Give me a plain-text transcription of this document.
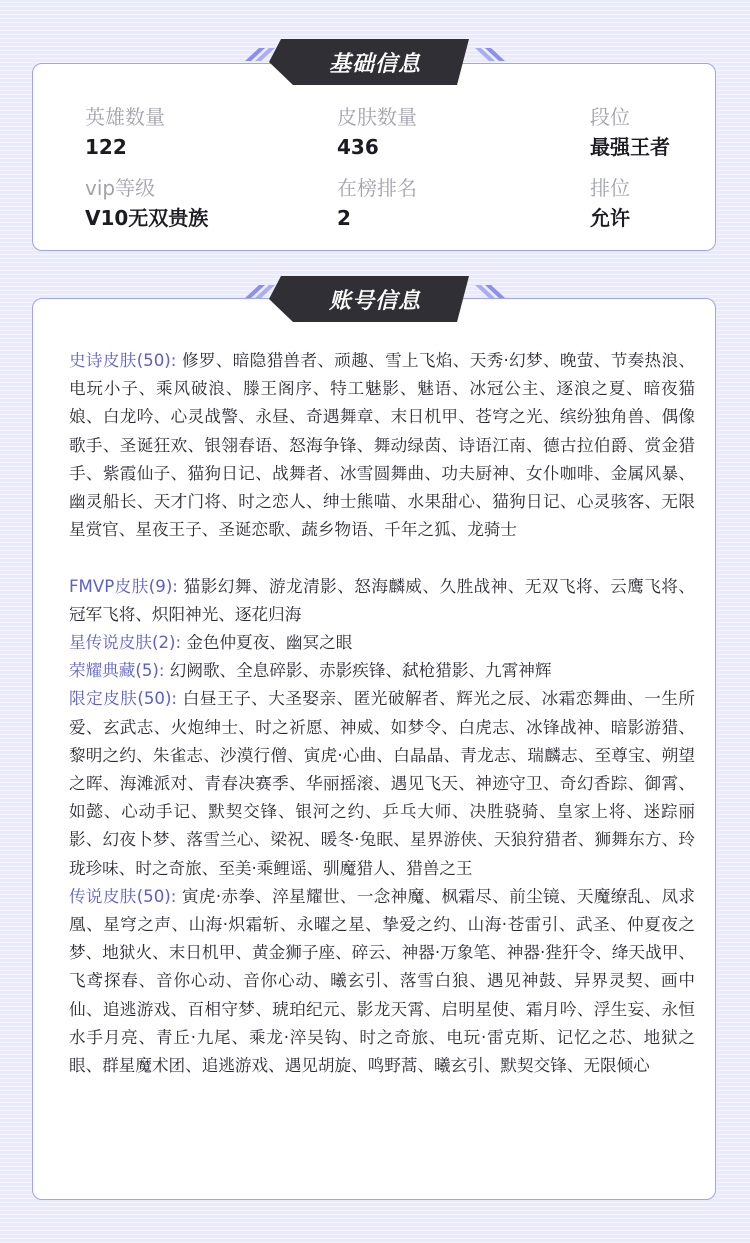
英雄数量
122
皮肤数量
436
段位
最强王者
vip等级
V10无双贵族
在榜排名
2
排位
允许
基础信息

史诗皮肤(50): 修罗、暗隐猎兽者、顽趣、雪上飞焰、天秀·幻梦、晚萤、节奏热浪、电玩小子、乘风破浪、滕王阁序、特工魅影、魅语、冰冠公主、逐浪之夏、暗夜猫娘、白龙吟、心灵战警、永昼、奇遇舞章、末日机甲、苍穹之光、缤纷独角兽、偶像歌手、圣诞狂欢、银翎春语、怒海争锋、舞动绿茵、诗语江南、德古拉伯爵、赏金猎手、紫霞仙子、猫狗日记、战舞者、冰雪圆舞曲、功夫厨神、女仆咖啡、金属风暴、幽灵船长、天才门将、时之恋人、绅士熊喵、水果甜心、猫狗日记、心灵骇客、无限星赏官、星夜王子、圣诞恋歌、蔬乡物语、千年之狐、龙骑士

FMVP皮肤(9): 猫影幻舞、游龙清影、怒海麟威、久胜战神、无双飞将、云鹰飞将、冠军飞将、炽阳神光、逐花归海

星传说皮肤(2): 金色仲夏夜、幽冥之眼

荣耀典藏(5): 幻阙歌、全息碎影、赤影疾锋、弑枪猎影、九霄神辉

限定皮肤(50): 白昼王子、大圣娶亲、匿光破解者、辉光之辰、冰霜恋舞曲、一生所爱、玄武志、火炮绅士、时之祈愿、神威、如梦令、白虎志、冰锋战神、暗影游猎、黎明之约、朱雀志、沙漠行僧、寅虎·心曲、白晶晶、青龙志、瑞麟志、至尊宝、朔望之晖、海滩派对、青春决赛季、华丽摇滚、遇见飞天、神迹守卫、奇幻香踪、御霄、如懿、心动手记、默契交锋、银河之约、乒乓大师、决胜骁骑、皇家上将、迷踪丽影、幻夜卜梦、落雪兰心、梁祝、暖冬·兔眠、星界游侠、天狼狩猎者、狮舞东方、玲珑珍味、时之奇旅、至美·乘鲤谣、驯魔猎人、猎兽之王

传说皮肤(50): 寅虎·赤拳、淬星耀世、一念神魔、枫霜尽、前尘镜、天魔缭乱、凤求凰、星穹之声、山海·炽霜斩、永曜之星、挚爱之约、山海·苍雷引、武圣、仲夏夜之梦、地狱火、末日机甲、黄金狮子座、碎云、神器·万象笔、神器·狴犴令、绛天战甲、飞鸢探春、音你心动、音你心动、曦玄引、落雪白狼、遇见神鼓、异界灵契、画中仙、追逃游戏、百相守梦、琥珀纪元、影龙天霄、启明星使、霜月吟、浮生妄、永恒水手月亮、青丘·九尾、乘龙·淬吴钩、时之奇旅、电玩·雷克斯、记忆之芯、地狱之眼、群星魔术团、追逃游戏、遇见胡旋、鸣野蒿、曦玄引、默契交锋、无限倾心

账号信息
